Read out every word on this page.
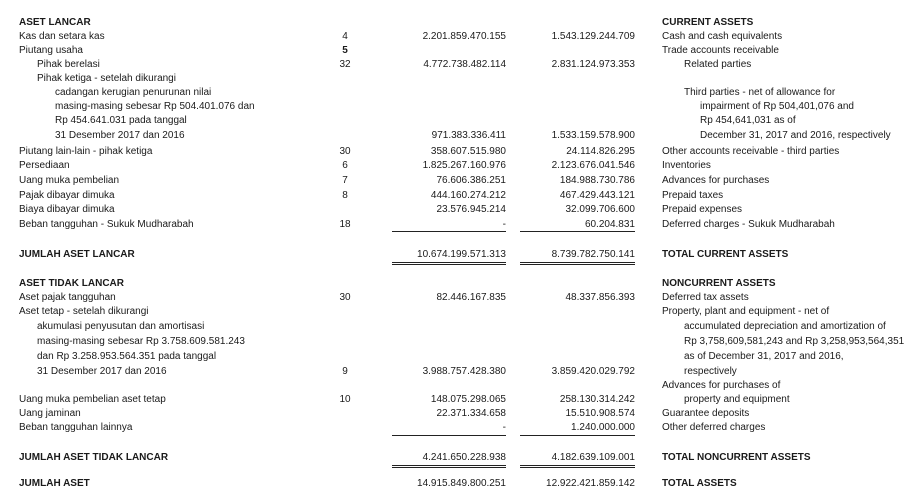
ASET LANCAR	CURRENT ASSETS
Kas dan setara kas	4	2.201.859.470.155	1.543.129.244.709	Cash and cash equivalents
Piutang usaha	5	Trade accounts receivable
Pihak berelasi	32	4.772.738.482.114	2.831.124.973.353	Related parties
Pihak ketiga - setelah dikurangi
cadangan kerugian penurunan nilai	Third parties - net of allowance for
masing-masing sebesar Rp 504.401.076 dan	impairment of Rp 504,401,076 and
Rp 454.641.031 pada tanggal	Rp 454,641,031 as of
31 Desember 2017 dan 2016	971.383.336.411	1.533.159.578.900	December 31, 2017 and 2016, respectively
Piutang lain-lain - pihak ketiga	30	358.607.515.980	24.114.826.295	Other accounts receivable - third parties
Persediaan	6	1.825.267.160.976	2.123.676.041.546	Inventories
Uang muka pembelian	7	76.606.386.251	184.988.730.786	Advances for purchases
Pajak dibayar dimuka	8	444.160.274.212	467.429.443.121	Prepaid taxes
Biaya dibayar dimuka	23.576.945.214	32.099.706.600	Prepaid expenses
Beban tangguhan - Sukuk Mudharabah	18	-	60.204.831	Deferred charges - Sukuk Mudharabah
JUMLAH ASET LANCAR	10.674.199.571.313	8.739.782.750.141	TOTAL CURRENT ASSETS
ASET TIDAK LANCAR	NONCURRENT ASSETS
Aset pajak tangguhan	30	82.446.167.835	48.337.856.393	Deferred tax assets
Aset tetap - setelah dikurangi	Property, plant and equipment - net of
akumulasi penyusutan dan amortisasi	accumulated depreciation and amortization of
masing-masing sebesar Rp 3.758.609.581.243	Rp 3,758,609,581,243 and Rp 3,258,953,564,351
dan Rp 3.258.953.564.351 pada tanggal	as of December 31, 2017 and 2016,
31 Desember 2017 dan 2016	9	3.988.757.428.380	3.859.420.029.792	respectively
Advances for purchases of
Uang muka pembelian aset tetap	10	148.075.298.065	258.130.314.242	property and equipment
Uang jaminan	22.371.334.658	15.510.908.574	Guarantee deposits
Beban tangguhan lainnya	-	1.240.000.000	Other deferred charges
JUMLAH ASET TIDAK LANCAR	4.241.650.228.938	4.182.639.109.001	TOTAL NONCURRENT ASSETS
JUMLAH ASET	14.915.849.800.251	12.922.421.859.142	TOTAL ASSETS
